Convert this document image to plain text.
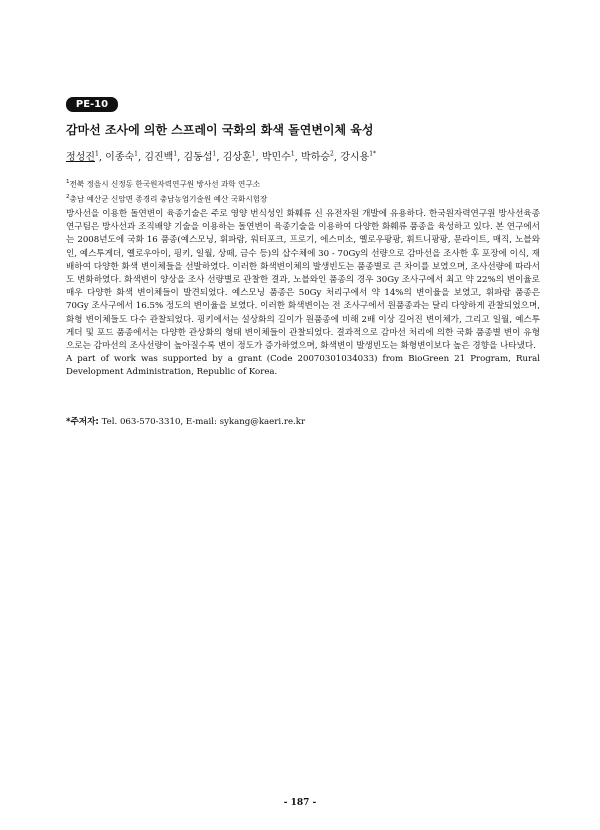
PE-10
감마선 조사에 의한 스프레이 국화의 화색 돌연변이체 육성
정성진$^1$, 이종숙$^1$, 김진백$^1$, 김동섭$^1$, 김상훈$^1$, 박민수$^1$, 박하승$^2$, 강시용$^{1*}$
$^1$전북 정읍시 신정동 한국원자력연구원 방사선 과학 연구소
$^2$충남 예산군 신암면 종경리 충남농업기술원 예산 국화시험장

방사선을 이용한 돌연변이 육종기술은 주로 영양 번식성인 화훼류 신 유전자원 개발에 유용하다. 한국원자력연구원 방사선육종연구팀은 방사선과 조직배양 기술을 이용하는 돌연변이 육종기술을 이용하여 다양한 화훼류 품종을 육성하고 있다. 본 연구에서는 2008년도에 국화 16 품종(예스모닝, 휘파람, 워터포크, 프로기, 에스미소, 옐로우팡팡, 휘트니팡팡, 문라이트, 매직, 노블와인, 예스투게더, 옐로우아이, 핑키, 일월, 상떼, 금수 등)의 삽수체에 30 - 70Gy의 선량으로 감마선을 조사한 후 포장에 이식, 재배하여 다양한 화색 변이체들을 선발하였다. 이러한 화색변이체의 발생빈도는 품종별로 큰 차이를 보였으며, 조사선량에 따라서도 변화하였다. 화색변이 양상을 조사 선량별로 관찰한 결과, 노블와인 품종의 경우 30Gy 조사구에서 최고 약 22%의 변이율로 매우 다양한 화색 변이체들이 발견되었다. 예스모닝 품종은 50Gy 처리구에서 약 14%의 변이율을 보였고, 휘파람 품종은 70Gy 조사구에서 16.5% 정도의 변이율을 보였다. 이러한 화색변이는 전 조사구에서 원품종과는 달리 다양하게 관찰되었으며, 화형 변이체들도 다수 관찰되었다. 핑키에서는 설상화의 길이가 원품종에 비해 2배 이상 길어진 변이체가, 그리고 일월, 예스투게더 및 포드 품종에서는 다양한 관상화의 형태 변이체들이 관찰되었다. 결과적으로 감마선 처리에 의한 국화 품종별 변이 유형으로는 감마선의 조사선량이 높아질수록 변이 정도가 증가하였으며, 화색변이 발생빈도는 화형변이보다 높은 경향을 나타냈다.

A part of work was supported by a grant (Code 20070301034033) from BioGreen 21 Program, Rural Development Administration, Republic of Korea.

*주저자: Tel. 063-570-3310, E-mail: sykang@kaeri.re.kr
- 187 -
